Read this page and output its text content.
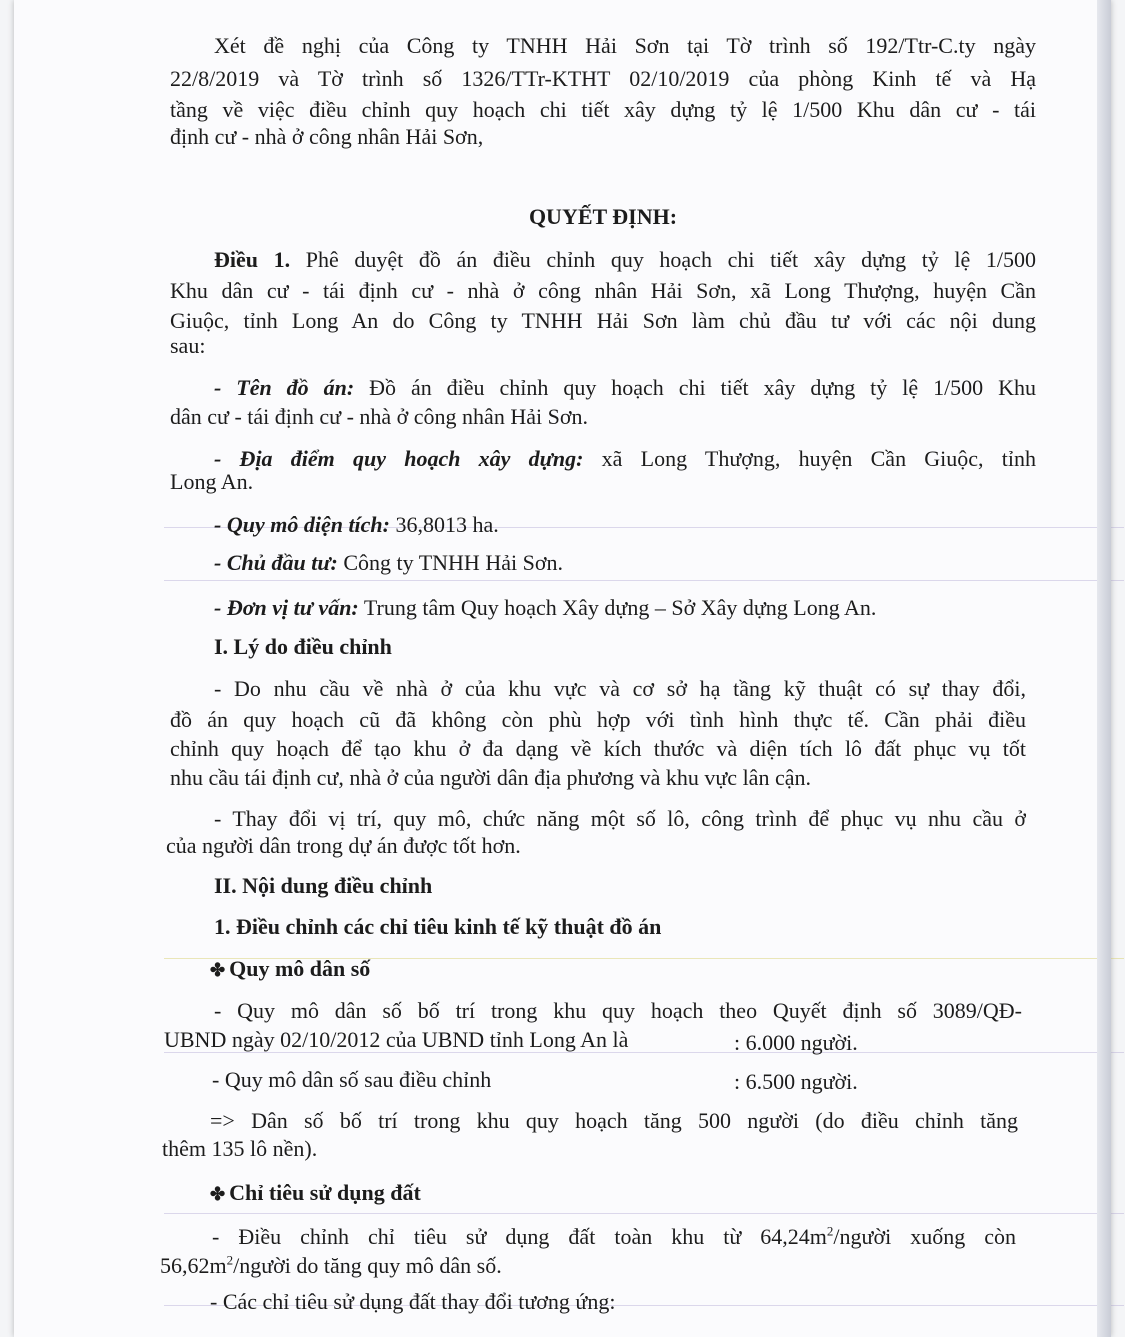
Xét đề nghị của Công ty TNHH Hải Sơn tại Tờ trình số 192/Ttr-C.ty ngày
22/8/2019 và Tờ trình số 1326/TTr-KTHT 02/10/2019 của phòng Kinh tế và Hạ
tầng về việc điều chỉnh quy hoạch chi tiết xây dựng tỷ lệ 1/500 Khu dân cư - tái
định cư - nhà ở công nhân Hải Sơn,
QUYẾT ĐỊNH:
Điều 1. Phê duyệt đồ án điều chỉnh quy hoạch chi tiết xây dựng tỷ lệ 1/500
Khu dân cư - tái định cư - nhà ở công nhân Hải Sơn, xã Long Thượng, huyện Cần
Giuộc, tỉnh Long An do Công ty TNHH Hải Sơn làm chủ đầu tư với các nội dung
sau:
- Tên đồ án: Đồ án điều chỉnh quy hoạch chi tiết xây dựng tỷ lệ 1/500 Khu
dân cư - tái định cư - nhà ở công nhân Hải Sơn.
- Địa điểm quy hoạch xây dựng: xã Long Thượng, huyện Cần Giuộc, tỉnh
Long An.
- Quy mô diện tích: 36,8013 ha.
- Chủ đầu tư: Công ty TNHH Hải Sơn.
- Đơn vị tư vấn: Trung tâm Quy hoạch Xây dựng – Sở Xây dựng Long An.
I. Lý do điều chỉnh
- Do nhu cầu về nhà ở của khu vực và cơ sở hạ tầng kỹ thuật có sự thay đổi,
đồ án quy hoạch cũ đã không còn phù hợp với tình hình thực tế. Cần phải điều
chỉnh quy hoạch để tạo khu ở đa dạng về kích thước và diện tích lô đất phục vụ tốt
nhu cầu tái định cư, nhà ở của người dân địa phương và khu vực lân cận.
- Thay đổi vị trí, quy mô, chức năng một số lô, công trình để phục vụ nhu cầu ở
của người dân trong dự án được tốt hơn.
II. Nội dung điều chỉnh
1. Điều chỉnh các chỉ tiêu kinh tế kỹ thuật đồ án
✤ Quy mô dân số
- Quy mô dân số bố trí trong khu quy hoạch theo Quyết định số 3089/QĐ-
UBND ngày 02/10/2012 của UBND tỉnh Long An là	: 6.000 người.
- Quy mô dân số sau điều chỉnh	: 6.500 người.
=> Dân số bố trí trong khu quy hoạch tăng 500 người (do điều chỉnh tăng
thêm 135 lô nền).
✤ Chỉ tiêu sử dụng đất
- Điều chỉnh chỉ tiêu sử dụng đất toàn khu từ $64,24m^2$/người xuống còn
$56,62m^2$/người do tăng quy mô dân số.
- Các chỉ tiêu sử dụng đất thay đổi tương ứng:
